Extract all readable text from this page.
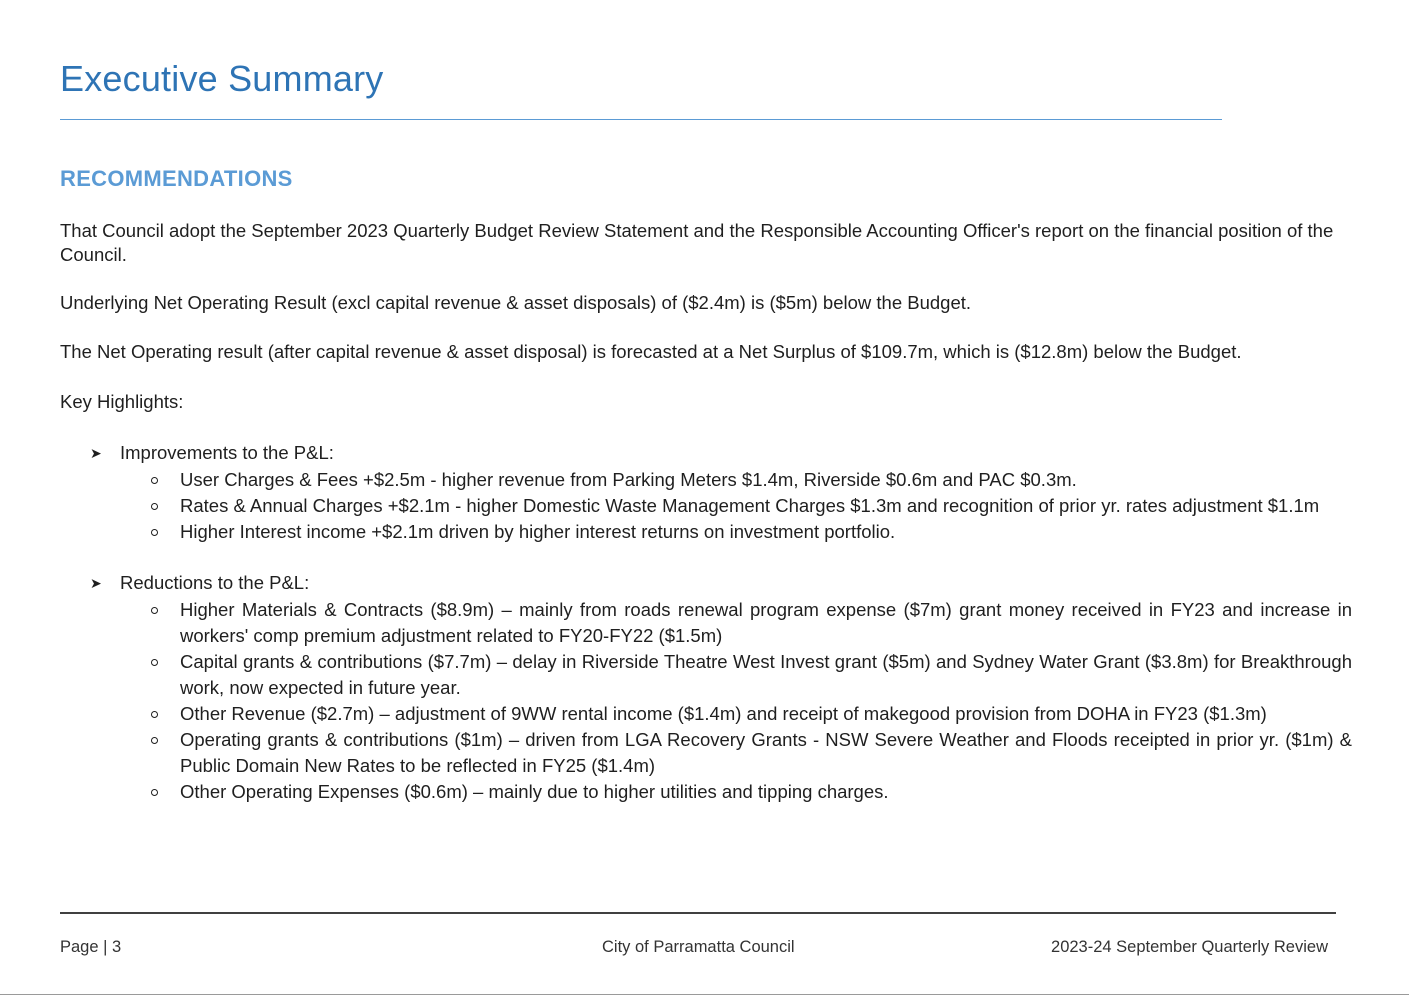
Executive Summary
RECOMMENDATIONS

That Council adopt the September 2023 Quarterly Budget Review Statement and the Responsible Accounting Officer's report on the financial position of the Council.

Underlying Net Operating Result (excl capital revenue & asset disposals) of ($2.4m) is ($5m) below the Budget.

The Net Operating result (after capital revenue & asset disposal) is forecasted at a Net Surplus of $109.7m, which is ($12.8m) below the Budget.

Key Highlights:

➤ Improvements to the P&L:
User Charges & Fees +$2.5m - higher revenue from Parking Meters $1.4m, Riverside $0.6m and PAC $0.3m.
Rates & Annual Charges +$2.1m - higher Domestic Waste Management Charges $1.3m and recognition of prior yr. rates adjustment $1.1m
Higher Interest income +$2.1m driven by higher interest returns on investment portfolio.
➤ Reductions to the P&L:
Higher Materials & Contracts ($8.9m) – mainly from roads renewal program expense ($7m) grant money received in FY23 and increase in workers' comp premium adjustment related to FY20-FY22 ($1.5m)
Capital grants & contributions ($7.7m) – delay in Riverside Theatre West Invest grant ($5m) and Sydney Water Grant ($3.8m) for Breakthrough work, now expected in future year.
Other Revenue ($2.7m) – adjustment of 9WW rental income ($1.4m) and receipt of makegood provision from DOHA in FY23 ($1.3m)
Operating grants & contributions ($1m) – driven from LGA Recovery Grants - NSW Severe Weather and Floods receipted in prior yr. ($1m) & Public Domain New Rates to be reflected in FY25 ($1.4m)
Other Operating Expenses ($0.6m) – mainly due to higher utilities and tipping charges.
Page | 3	City of Parramatta Council	2023-24 September Quarterly Review
